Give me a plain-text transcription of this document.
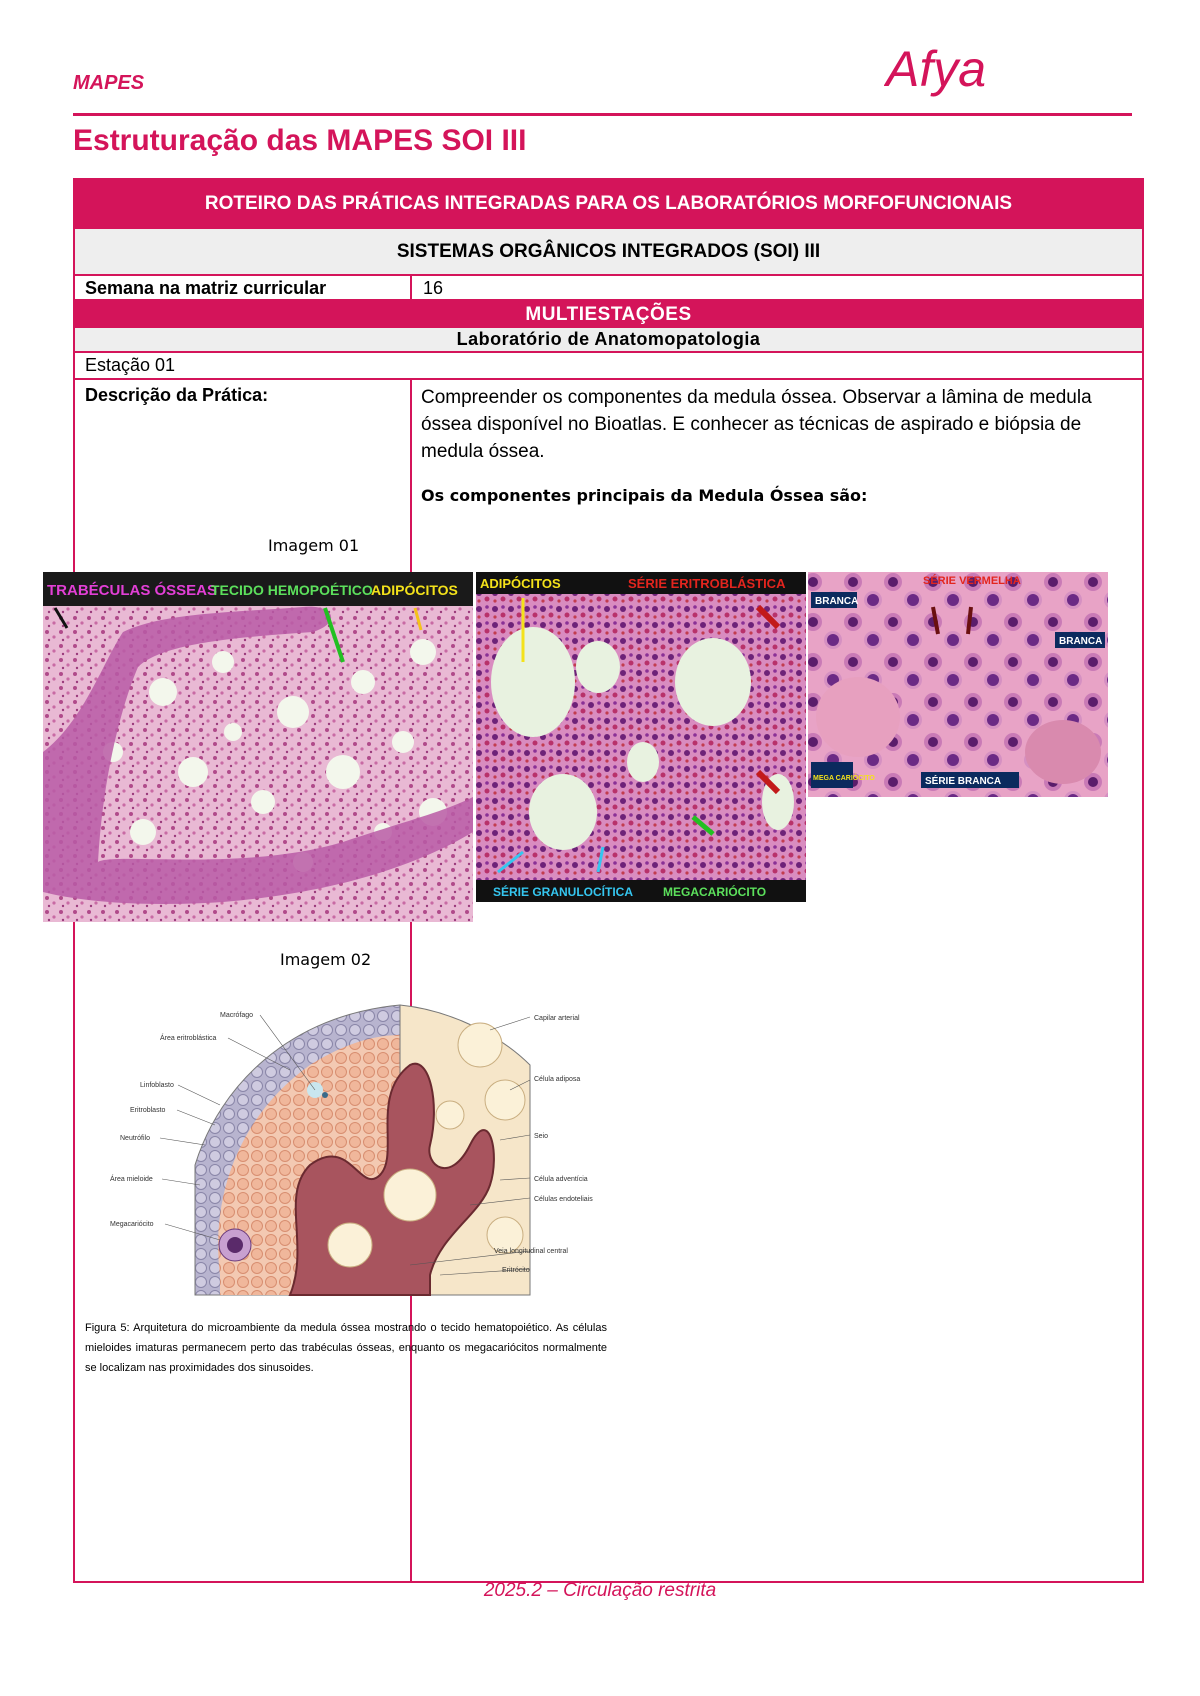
MAPES	Afya
Estruturação das MAPES SOI III
ROTEIRO DAS PRÁTICAS INTEGRADAS PARA OS LABORATÓRIOS MORFOFUNCIONAIS
SISTEMAS ORGÂNICOS INTEGRADOS (SOI) III
Semana na matriz curricular	16
MULTIESTAÇÕES
Laboratório de Anatomopatologia
Estação 01
Descrição da Prática:	Compreender os componentes da medula óssea. Observar a lâmina de medula óssea disponível no Bioatlas. E conhecer as técnicas de aspirado e biópsia de medula óssea.
Os componentes principais da Medula Óssea são:
Imagem 01
TRABÉCULAS ÓSSEAS
TECIDO HEMOPOÉTICO
ADIPÓCITOS ADIPÓCITOS	SÉRIE ERITROBLÁSTICA
SÉRIE GRANULOCÍTICA MEGACARIÓCITO
BRANCA
SÉRIE VERMELHA
BRANCA
MEGA CARIÓCITO	SÉRIE BRANCA
Imagem 02
Macrófago
Área eritroblástica
Linfoblasto
Eritroblasto
Neutrófilo
Área mieloide
Megacariócito
Capilar arterial
Célula adiposa
Seio
Célula adventícia
Células endoteliais
Veia longitudinal central
Eritrócito
Figura 5: Arquitetura do microambiente da medula óssea mostrando o tecido hematopoiético. As células mieloides imaturas permanecem perto das trabéculas ósseas, enquanto os megacariócitos normalmente se localizam nas proximidades dos sinusoides.
2025.2 – Circulação restrita
